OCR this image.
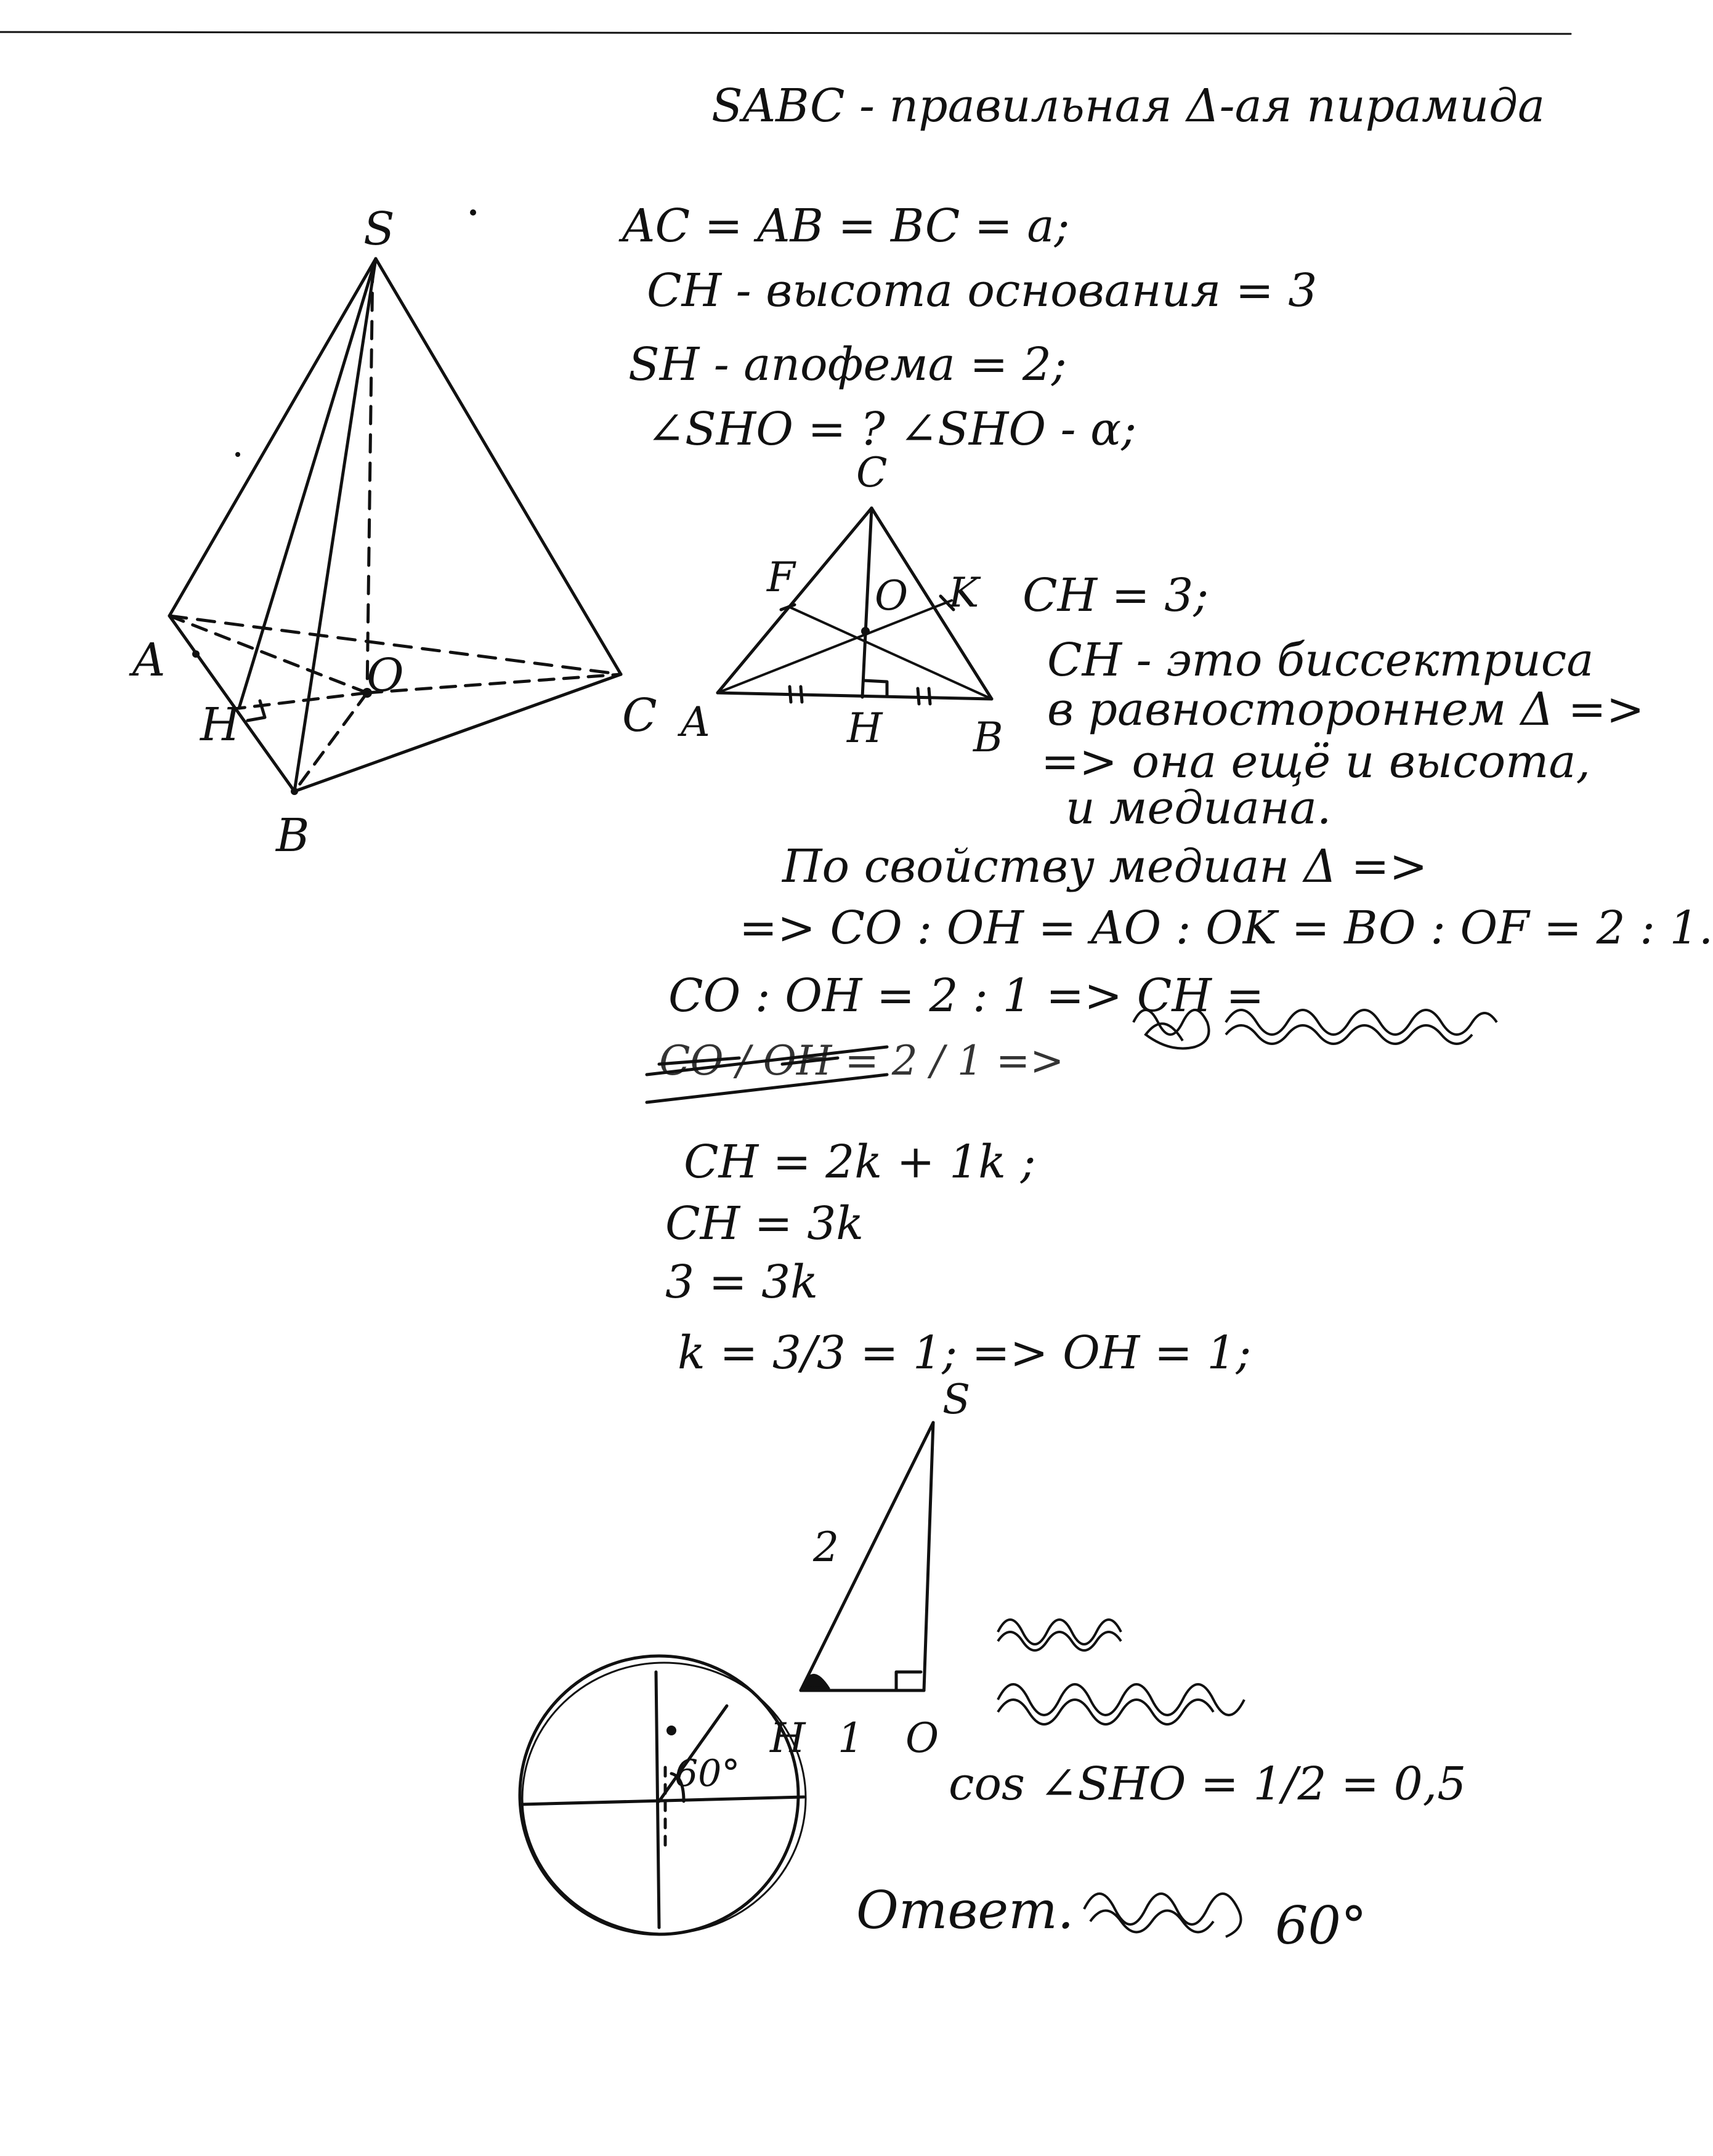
SABC - правильная Δ-ая пирамида

AC = AB = BC = a;

CH - высота основания = 3

SH - апофема = 2;

∠SHO = ? ∠SHO - α;

S

A

B

C

H

O

C

A	B

H

O

F	K CH = 3;

CH - это биссектриса

в равностороннем Δ =>

=> она ещё и высота,

и медиана.

По свойству медиан Δ =>

=> CO : OH = AO : OK = BO : OF = 2 : 1.

CO : OH = 2 : 1 => CH =

CO / OH = 2 / 1 =>

CH = 2k + 1k ;

CH = 3k

3 = 3k

k = 3/3 = 1; => OH = 1;

S

H O

2

1

cos ∠SHO = 1/2 = 0,5

60°

Ответ.	60°
